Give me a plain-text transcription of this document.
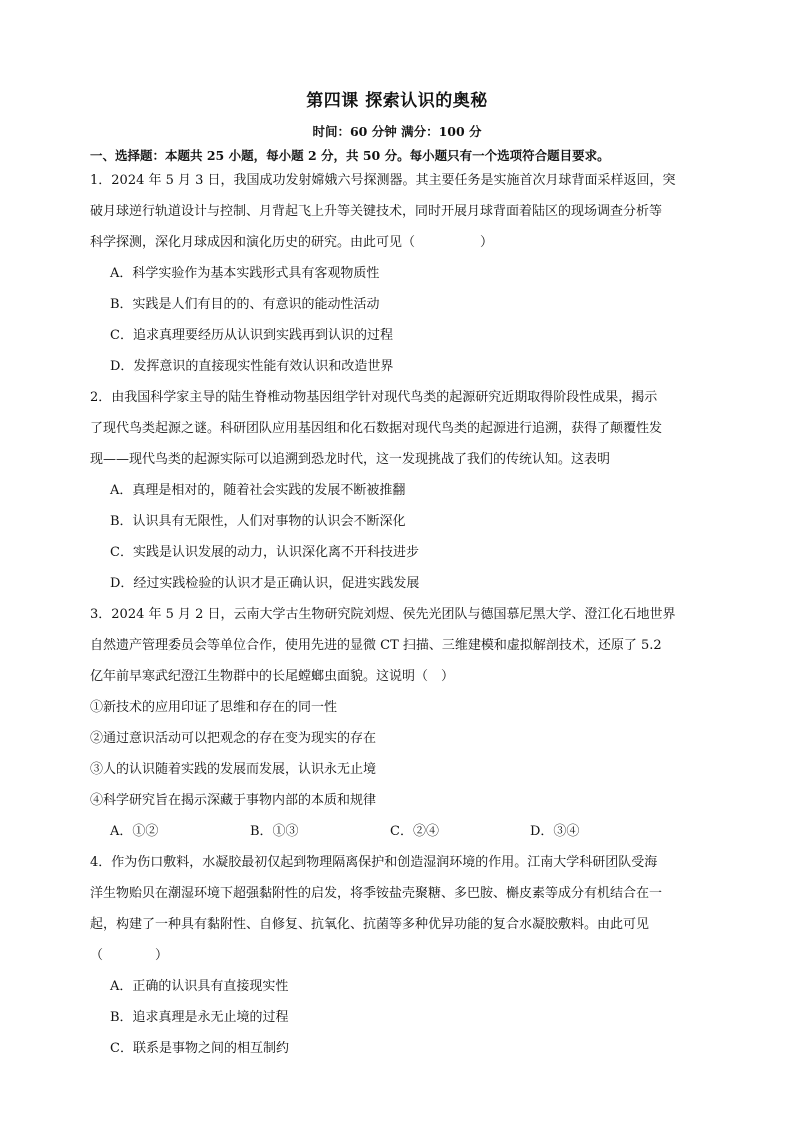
第四课 探索认识的奥秘
时间：60 分钟 满分：100 分
一、选择题：本题共 25 小题，每小题 2 分，共 50 分。每小题只有一个选项符合题目要求。
1．2024 年 5 月 3 日，我国成功发射嫦娥六号探测器。其主要任务是实施首次月球背面采样返回，突
破月球逆行轨道设计与控制、月背起飞上升等关键技术，同时开展月球背面着陆区的现场调查分析等
科学探测，深化月球成因和演化历史的研究。由此可见（　　　　　）
A．科学实验作为基本实践形式具有客观物质性
B．实践是人们有目的的、有意识的能动性活动
C．追求真理要经历从认识到实践再到认识的过程
D．发挥意识的直接现实性能有效认识和改造世界
2．由我国科学家主导的陆生脊椎动物基因组学针对现代鸟类的起源研究近期取得阶段性成果，揭示
了现代鸟类起源之谜。科研团队应用基因组和化石数据对现代鸟类的起源进行追溯，获得了颠覆性发
现——现代鸟类的起源实际可以追溯到恐龙时代，这一发现挑战了我们的传统认知。这表明
A．真理是相对的，随着社会实践的发展不断被推翻
B．认识具有无限性，人们对事物的认识会不断深化
C．实践是认识发展的动力，认识深化离不开科技进步
D．经过实践检验的认识才是正确认识，促进实践发展
3．2024 年 5 月 2 日，云南大学古生物研究院刘煜、侯先光团队与德国慕尼黑大学、澄江化石地世界
自然遗产管理委员会等单位合作，使用先进的显微 CT 扫描、三维建模和虚拟解剖技术，还原了 5.2
亿年前早寒武纪澄江生物群中的长尾螳螂虫面貌。这说明（　）
①新技术的应用印证了思维和存在的同一性
②通过意识活动可以把观念的存在变为现实的存在
③人的认识随着实践的发展而发展，认识永无止境
④科学研究旨在揭示深藏于事物内部的本质和规律
A．①②	B．①③	C．②④	D．③④
4．作为伤口敷料，水凝胶最初仅起到物理隔离保护和创造湿润环境的作用。江南大学科研团队受海
洋生物贻贝在潮湿环境下超强黏附性的启发，将季铵盐壳聚糖、多巴胺、槲皮素等成分有机结合在一
起，构建了一种具有黏附性、自修复、抗氧化、抗菌等多种优异功能的复合水凝胶敷料。由此可见
（　　　　）
A．正确的认识具有直接现实性
B．追求真理是永无止境的过程
C．联系是事物之间的相互制约
